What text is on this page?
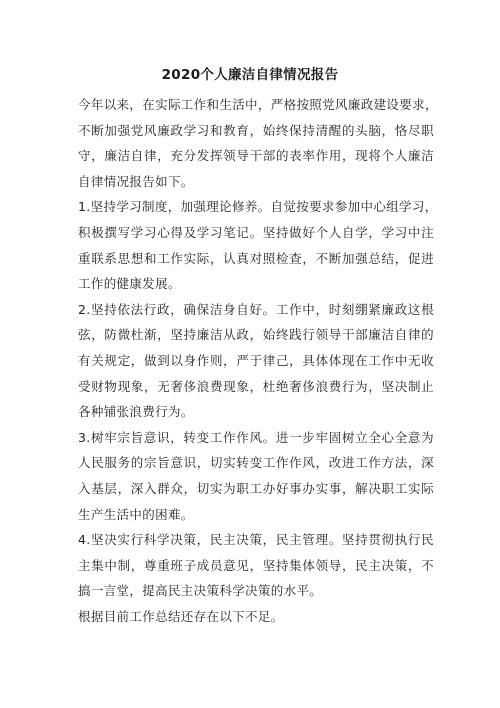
2020个人廉洁自律情况报告
今年以来，在实际工作和生活中，严格按照党风廉政建设要求，
不断加强党风廉政学习和教育，始终保持清醒的头脑，恪尽职
守，廉洁自律，充分发挥领导干部的表率作用，现将个人廉洁
自律情况报告如下。
1.坚持学习制度，加强理论修养。自觉按要求参加中心组学习，
积极撰写学习心得及学习笔记。坚持做好个人自学，学习中注
重联系思想和工作实际，认真对照检查，不断加强总结，促进
工作的健康发展。
2.坚持依法行政，确保洁身自好。工作中，时刻绷紧廉政这根
弦，防微杜渐，坚持廉洁从政，始终践行领导干部廉洁自律的
有关规定，做到以身作则，严于律己，具体体现在工作中无收
受财物现象，无奢侈浪费现象，杜绝奢侈浪费行为，坚决制止
各种铺张浪费行为。
3.树牢宗旨意识，转变工作作风。进一步牢固树立全心全意为
人民服务的宗旨意识，切实转变工作作风，改进工作方法，深
入基层，深入群众，切实为职工办好事办实事，解决职工实际
生产生活中的困难。
4.坚决实行科学决策，民主决策，民主管理。坚持贯彻执行民
主集中制，尊重班子成员意见，坚持集体领导，民主决策，不
搞一言堂，提高民主决策科学决策的水平。
根据目前工作总结还存在以下不足。
